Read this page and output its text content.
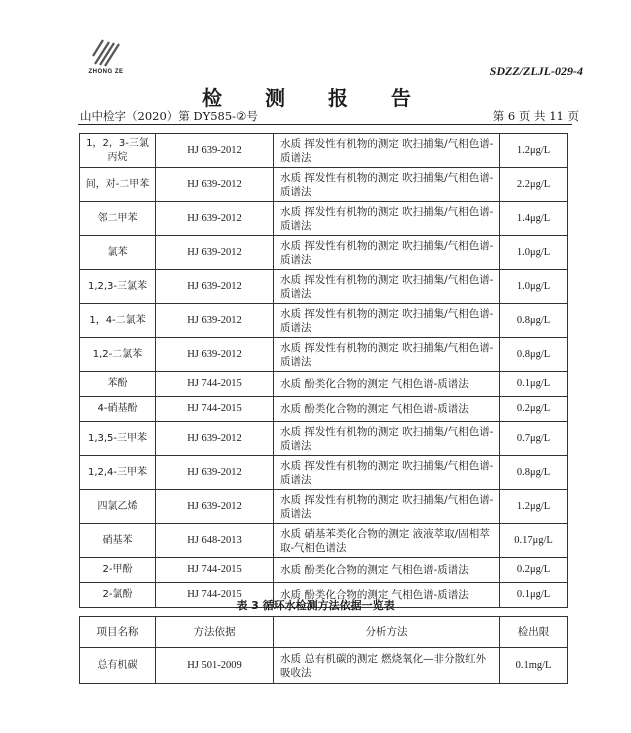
ZHONG ZE	SDZZ/ZLJL-029-4
检 测 报 告
山中检字（2020）第 DY585-②号	第 6 页 共 11 页
1，2，3-三氯丙烷	HJ 639-2012	水质 挥发性有机物的测定 吹扫捕集/气相色谱-质谱法	1.2μg/L
间，对-二甲苯	HJ 639-2012	水质 挥发性有机物的测定 吹扫捕集/气相色谱-质谱法	2.2μg/L
邻二甲苯	HJ 639-2012	水质 挥发性有机物的测定 吹扫捕集/气相色谱-质谱法	1.4μg/L
氯苯	HJ 639-2012	水质 挥发性有机物的测定 吹扫捕集/气相色谱-质谱法	1.0μg/L
1,2,3-三氯苯	HJ 639-2012	水质 挥发性有机物的测定 吹扫捕集/气相色谱-质谱法	1.0μg/L
1，4-二氯苯	HJ 639-2012	水质 挥发性有机物的测定 吹扫捕集/气相色谱-质谱法	0.8μg/L
1,2-二氯苯	HJ 639-2012	水质 挥发性有机物的测定 吹扫捕集/气相色谱-质谱法	0.8μg/L
苯酚	HJ 744-2015	水质 酚类化合物的测定 气相色谱-质谱法	0.1μg/L
4-硝基酚	HJ 744-2015	水质 酚类化合物的测定 气相色谱-质谱法	0.2μg/L
1,3,5-三甲苯	HJ 639-2012	水质 挥发性有机物的测定 吹扫捕集/气相色谱-质谱法	0.7μg/L
1,2,4-三甲苯	HJ 639-2012	水质 挥发性有机物的测定 吹扫捕集/气相色谱-质谱法	0.8μg/L
四氯乙烯	HJ 639-2012	水质 挥发性有机物的测定 吹扫捕集/气相色谱-质谱法	1.2μg/L
硝基苯	HJ 648-2013	水质 硝基苯类化合物的测定 液液萃取/固相萃取-气相色谱法	0.17μg/L
2-甲酚	HJ 744-2015	水质 酚类化合物的测定 气相色谱-质谱法	0.2μg/L
2-氯酚	HJ 744-2015	水质 酚类化合物的测定 气相色谱-质谱法	0.1μg/L
表 3 循环水检测方法依据一览表
项目名称	方法依据	分析方法	检出限
总有机碳	HJ 501-2009	水质 总有机碳的测定 燃烧氧化—非分散红外吸收法	0.1mg/L
